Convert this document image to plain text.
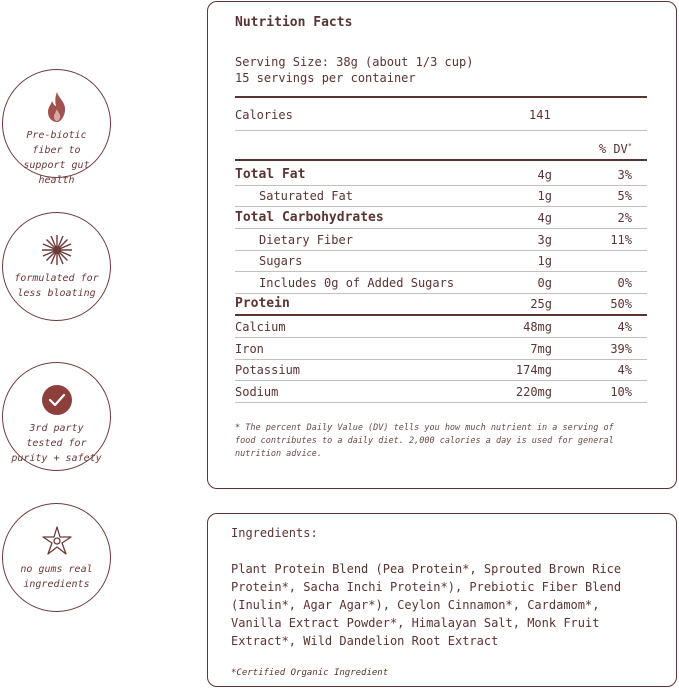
Pre-biotic fiber to support gut health
formulated for less bloating
3rd party tested for purity + safety
no gums real ingredients
Nutrition Facts
Serving Size: 38g (about 1/3 cup)
15 servings per container
Calories	141
% DV*
Total Fat	4g	3%
Saturated Fat	1g	5%
Total Carbohydrates	4g	2%
Dietary Fiber	3g	11%
Sugars	1g
Includes 0g of Added Sugars	0g	0%
Protein	25g	50%
Calcium	48mg	4%
Iron	7mg	39%
Potassium	174mg	4%
Sodium	220mg	10%
* The percent Daily Value (DV) tells you how much nutrient in a serving of food contributes to a daily diet. 2,000 calories a day is used for general nutrition advice.
Ingredients:
Plant Protein Blend (Pea Protein*, Sprouted Brown Rice Protein*, Sacha Inchi Protein*), Prebiotic Fiber Blend (Inulin*, Agar Agar*), Ceylon Cinnamon*, Cardamom*, Vanilla Extract Powder*, Himalayan Salt, Monk Fruit Extract*, Wild Dandelion Root Extract
*Certified Organic Ingredient
